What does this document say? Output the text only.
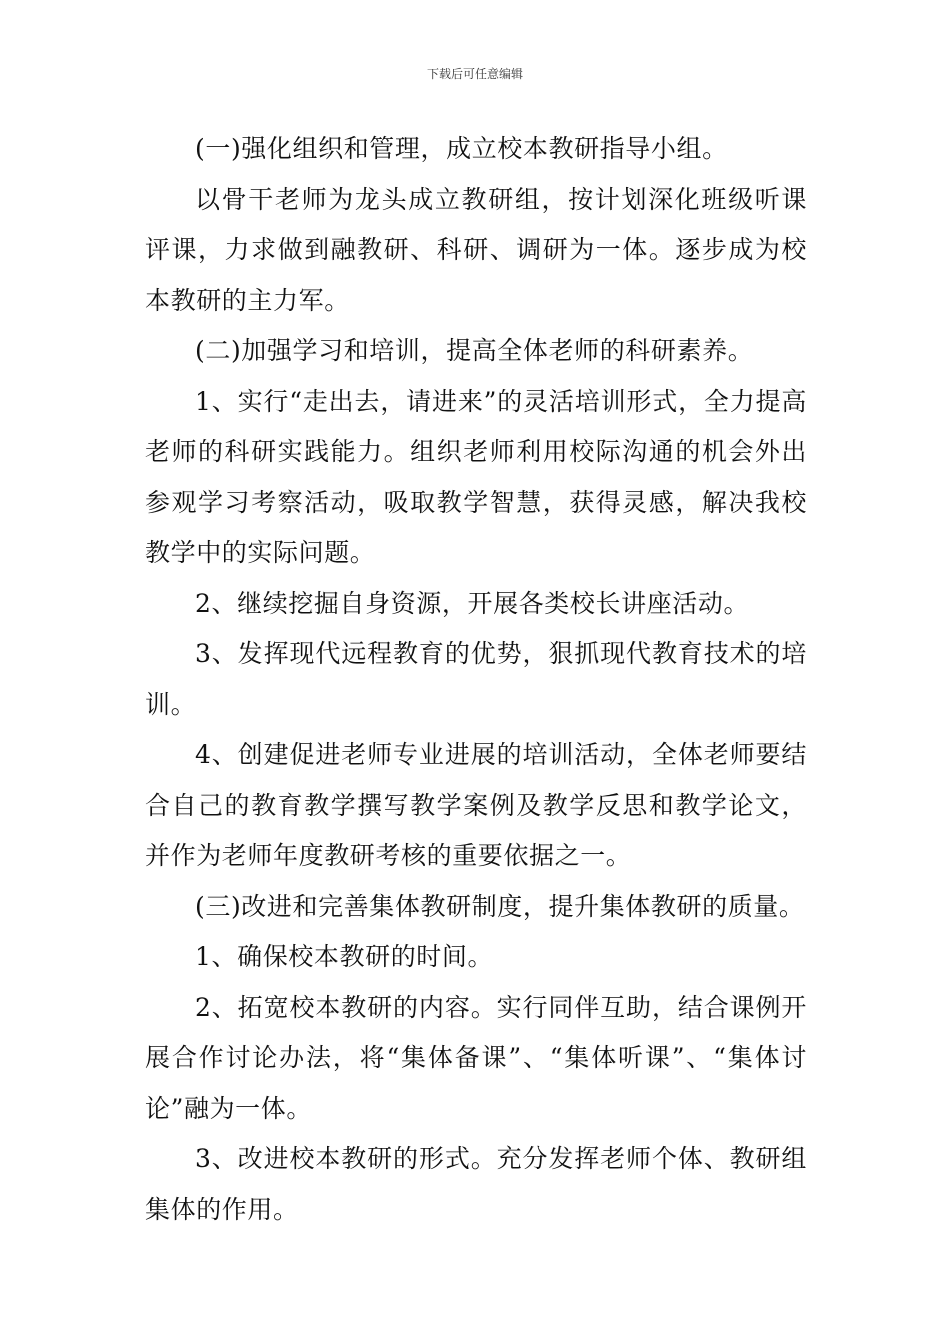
下载后可任意编辑

(一)强化组织和管理，成立校本教研指导小组。

以骨干老师为龙头成立教研组，按计划深化班级听课评课，力求做到融教研、科研、调研为一体。逐步成为校本教研的主力军。

(二)加强学习和培训，提高全体老师的科研素养。

1、实行“走出去，请进来”的灵活培训形式，全力提高老师的科研实践能力。组织老师利用校际沟通的机会外出参观学习考察活动，吸取教学智慧，获得灵感，解决我校教学中的实际问题。

2、继续挖掘自身资源，开展各类校长讲座活动。

3、发挥现代远程教育的优势，狠抓现代教育技术的培训。

4、创建促进老师专业进展的培训活动，全体老师要结合自己的教育教学撰写教学案例及教学反思和教学论文，并作为老师年度教研考核的重要依据之一。

(三)改进和完善集体教研制度，提升集体教研的质量。

1、确保校本教研的时间。

2、拓宽校本教研的内容。实行同伴互助，结合课例开展合作讨论办法，将“集体备课”、“集体听课”、“集体讨论”融为一体。

3、改进校本教研的形式。充分发挥老师个体、教研组集体的作用。
